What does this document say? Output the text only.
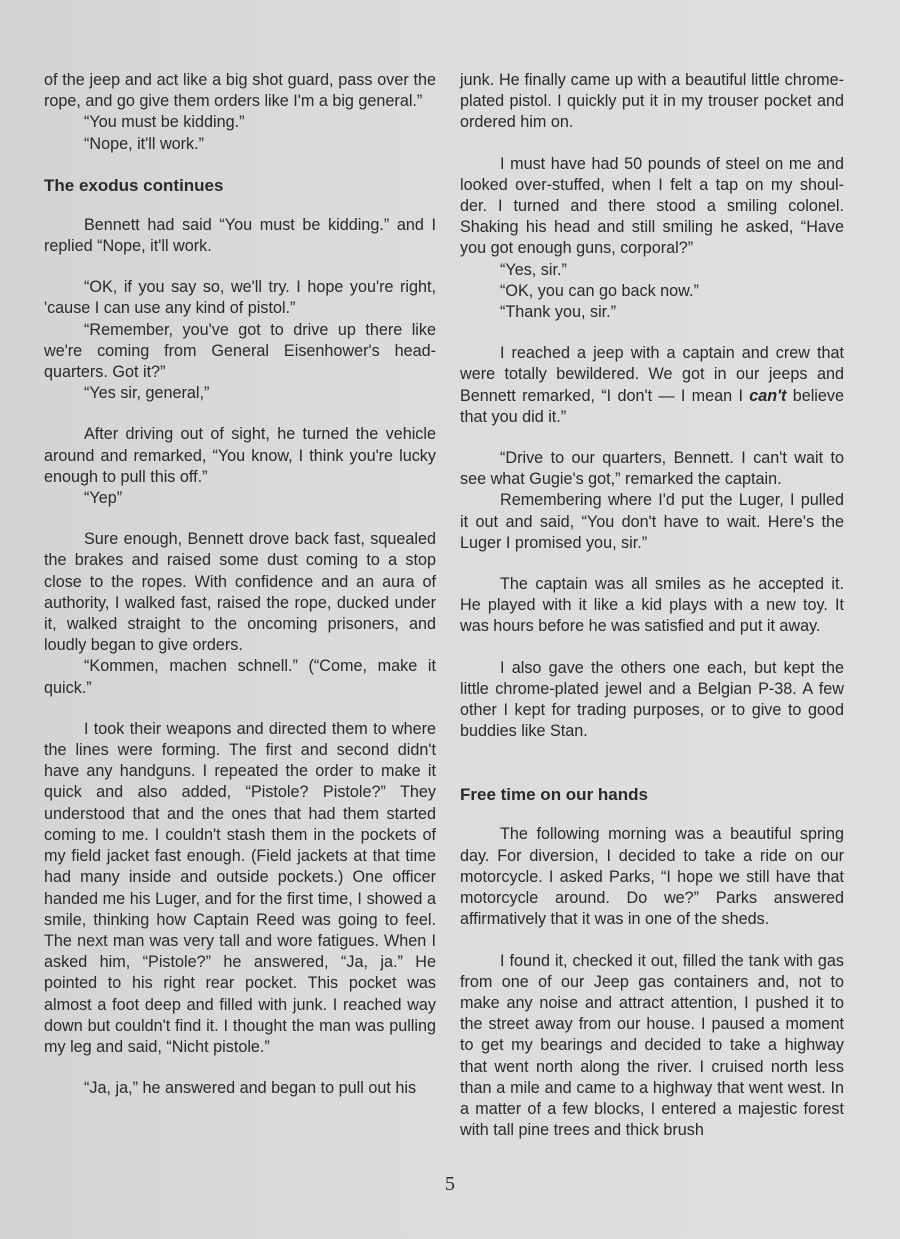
of the jeep and act like a big shot guard, pass over the rope, and go give them orders like I'm a big general.”

“You must be kidding.”

“Nope, it'll work.”

The exodus continues

Bennett had said “You must be kidding.” and I replied “Nope, it'll work.

“OK, if you say so, we'll try. I hope you're right, 'cause I can use any kind of pistol.”

“Remember, you've got to drive up there like we're coming from General Eisenhower's head-quarters. Got it?”

“Yes sir, general,”

After driving out of sight, he turned the vehicle around and remarked, “You know, I think you're lucky enough to pull this off.”

“Yep”

Sure enough, Bennett drove back fast, squealed the brakes and raised some dust coming to a stop close to the ropes. With confidence and an aura of authority, I walked fast, raised the rope, ducked under it, walked straight to the oncoming prisoners, and loudly began to give orders.

“Kommen, machen schnell.” (“Come, make it quick.”

I took their weapons and directed them to where the lines were forming. The first and second didn't have any handguns. I repeated the order to make it quick and also added, “Pistole? Pistole?” They understood that and the ones that had them started coming to me. I couldn't stash them in the pockets of my field jacket fast enough. (Field jackets at that time had many inside and outside pockets.) One officer handed me his Luger, and for the first time, I showed a smile, thinking how Captain Reed was going to feel. The next man was very tall and wore fatigues. When I asked him, “Pistole?” he answered, “Ja, ja.” He pointed to his right rear pocket. This pocket was almost a foot deep and filled with junk. I reached way down but couldn't find it. I thought the man was pulling my leg and said, “Nicht pistole.”

“Ja, ja,” he answered and began to pull out his

junk. He finally came up with a beautiful little chrome-plated pistol. I quickly put it in my trouser pocket and ordered him on.

I must have had 50 pounds of steel on me and looked over-stuffed, when I felt a tap on my shoul-der. I turned and there stood a smiling colonel. Shaking his head and still smiling he asked, “Have you got enough guns, corporal?”

“Yes, sir.”

“OK, you can go back now.”

“Thank you, sir.”

I reached a jeep with a captain and crew that were totally bewildered. We got in our jeeps and Bennett remarked, “I don't — I mean I can't believe that you did it.”

“Drive to our quarters, Bennett. I can't wait to see what Gugie's got,” remarked the captain.

Remembering where I'd put the Luger, I pulled it out and said, “You don't have to wait. Here's the Luger I promised you, sir.”

The captain was all smiles as he accepted it. He played with it like a kid plays with a new toy. It was hours before he was satisfied and put it away.

I also gave the others one each, but kept the little chrome-plated jewel and a Belgian P-38. A few other I kept for trading purposes, or to give to good buddies like Stan.

Free time on our hands

The following morning was a beautiful spring day. For diversion, I decided to take a ride on our motorcycle. I asked Parks, “I hope we still have that motorcycle around. Do we?” Parks answered affirmatively that it was in one of the sheds.

I found it, checked it out, filled the tank with gas from one of our Jeep gas containers and, not to make any noise and attract attention, I pushed it to the street away from our house. I paused a moment to get my bearings and decided to take a highway that went north along the river. I cruised north less than a mile and came to a highway that went west. In a matter of a few blocks, I entered a majestic forest with tall pine trees and thick brush

5
